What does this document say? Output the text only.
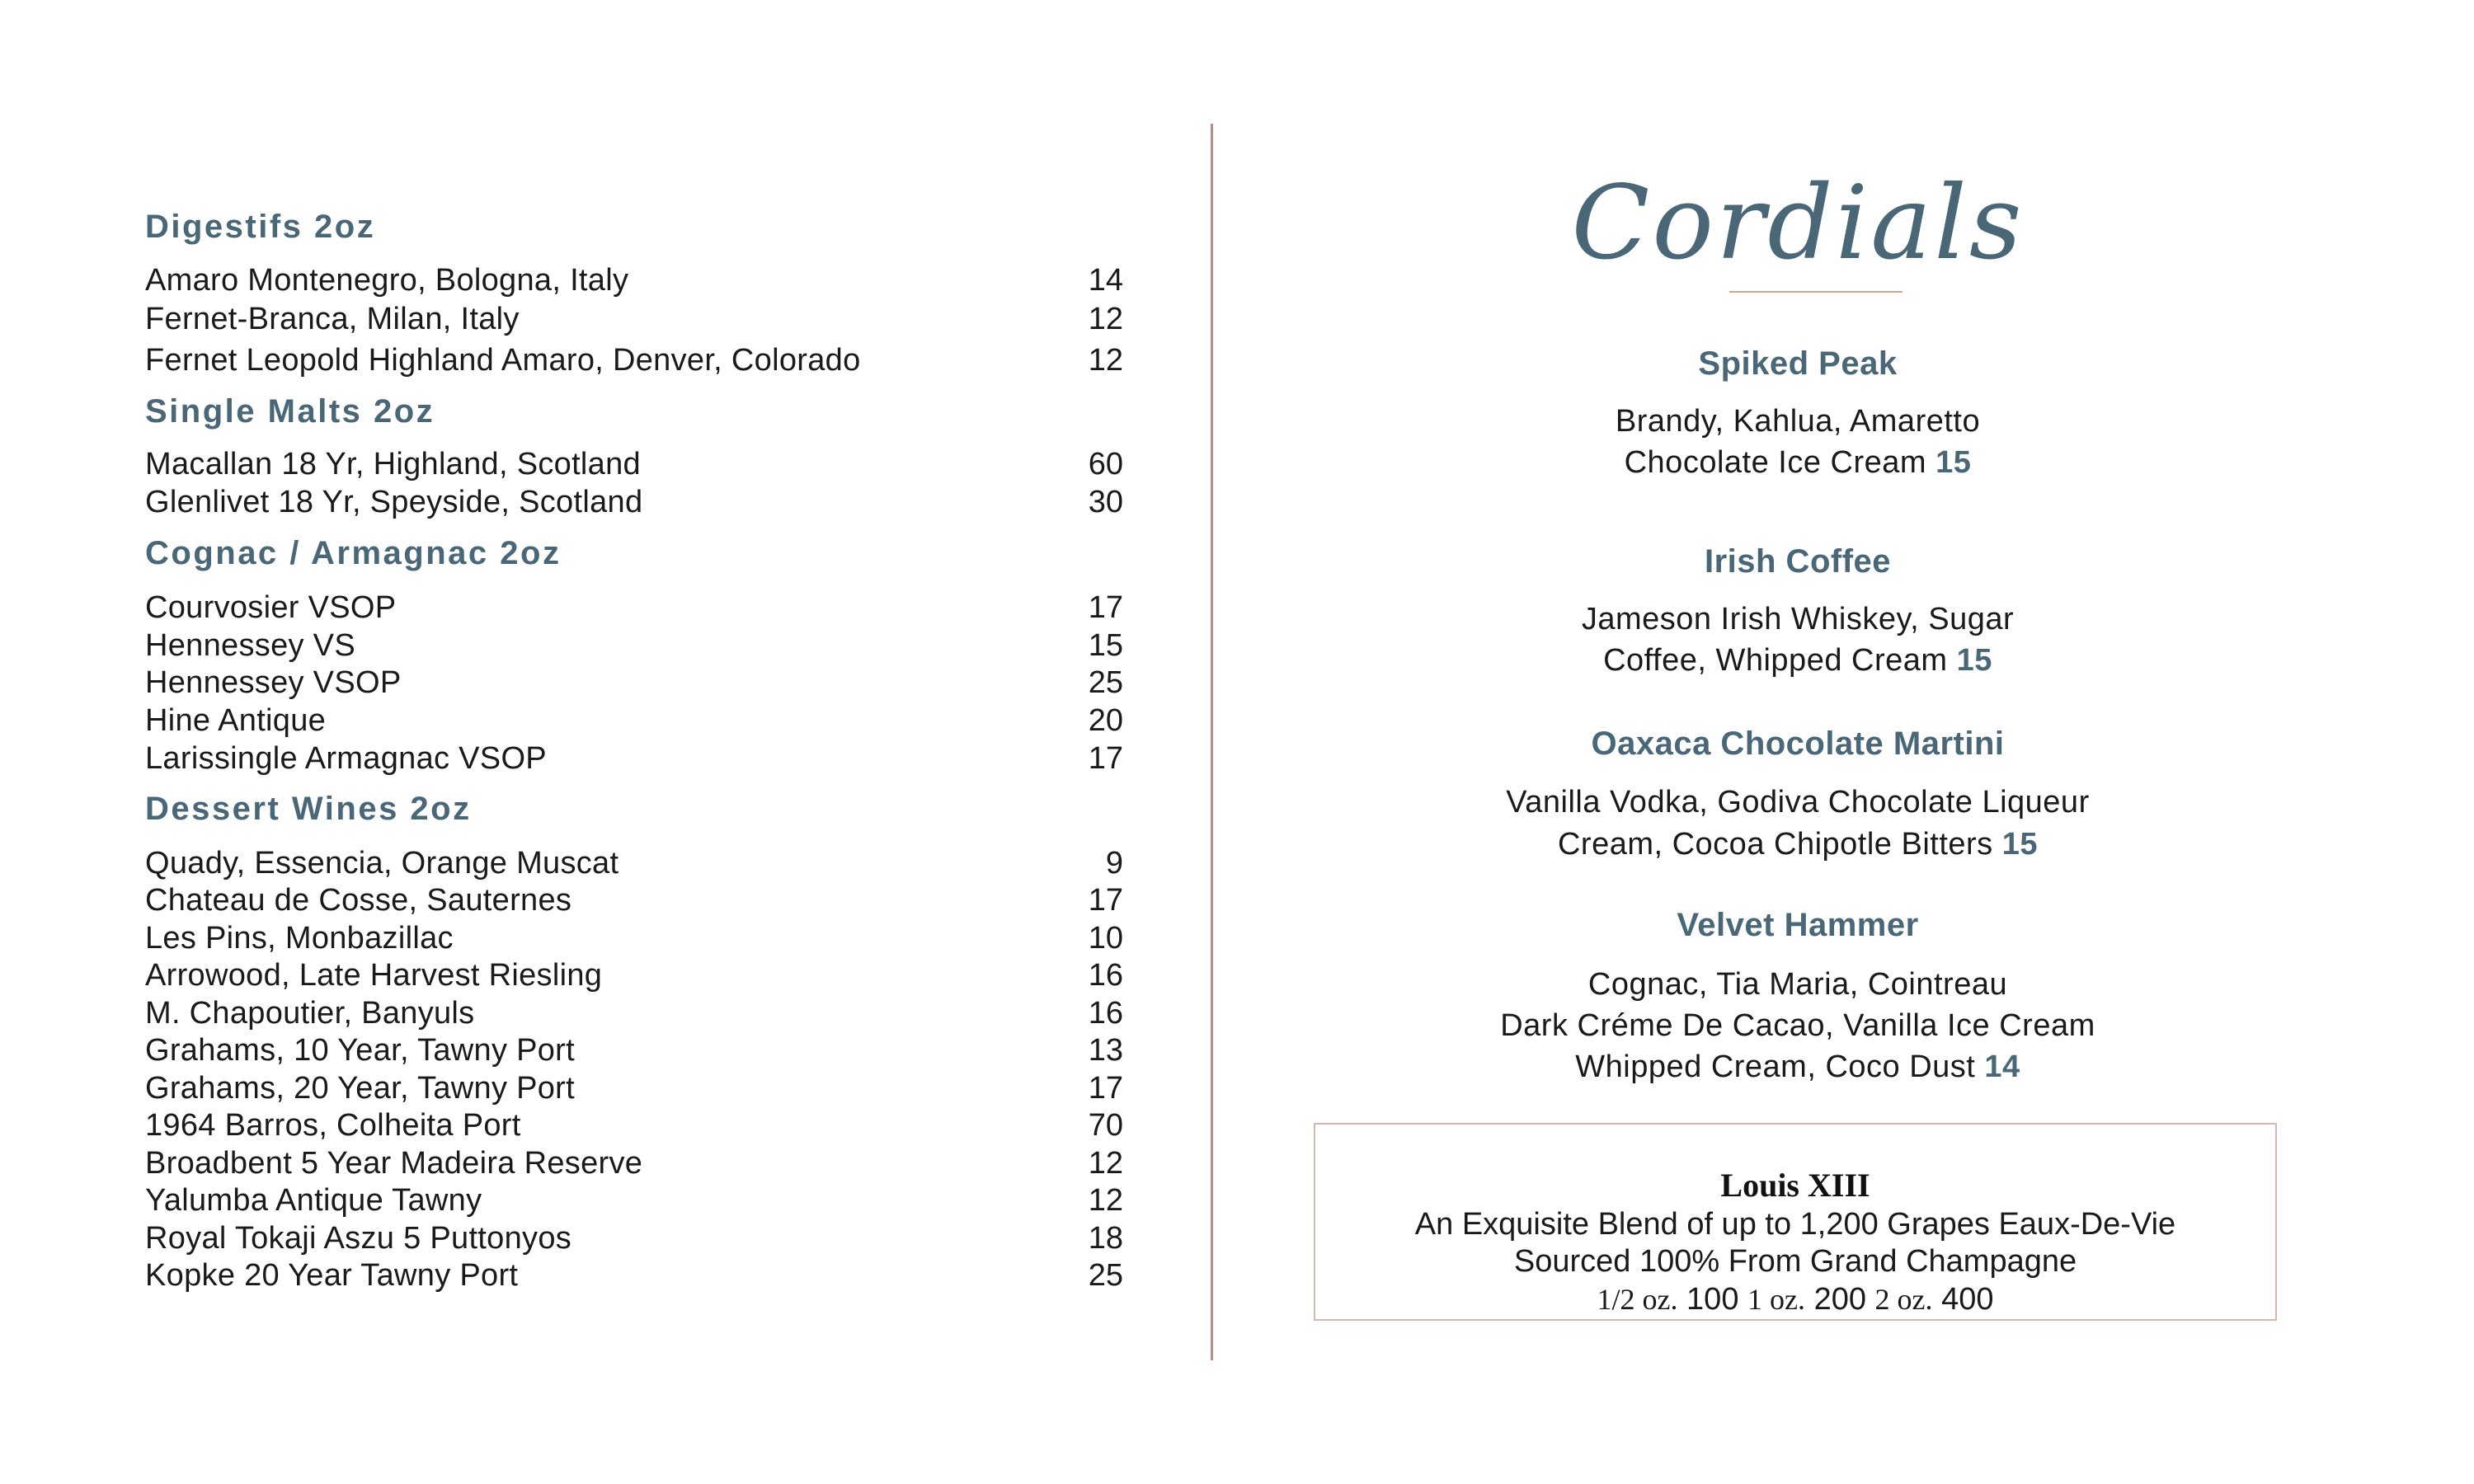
Digestifs 2oz
Amaro Montenegro, Bologna, Italy	14
Fernet-Branca, Milan, Italy	12
Fernet Leopold Highland Amaro, Denver, Colorado	12
Single Malts 2oz
Macallan 18 Yr, Highland, Scotland	60
Glenlivet 18 Yr, Speyside, Scotland	30
Cognac / Armagnac 2oz
Courvosier VSOP	17
Hennessey VS	15
Hennessey VSOP	25
Hine Antique	20
Larissingle Armagnac VSOP	17
Dessert Wines 2oz
Quady, Essencia, Orange Muscat	9
Chateau de Cosse, Sauternes	17
Les Pins, Monbazillac	10
Arrowood, Late Harvest Riesling	16
M. Chapoutier, Banyuls	16
Grahams, 10 Year, Tawny Port	13
Grahams, 20 Year, Tawny Port	17
1964 Barros, Colheita Port	70
Broadbent 5 Year Madeira Reserve	12
Yalumba Antique Tawny	12
Royal Tokaji Aszu 5 Puttonyos	18
Kopke 20 Year Tawny Port	25
Cordials
Spiked Peak
Brandy, Kahlua, Amaretto
Chocolate Ice Cream 15
Irish Coffee
Jameson Irish Whiskey, Sugar
Coffee, Whipped Cream 15
Oaxaca Chocolate Martini
Vanilla Vodka, Godiva Chocolate Liqueur
Cream, Cocoa Chipotle Bitters 15
Velvet Hammer
Cognac, Tia Maria, Cointreau
Dark Créme De Cacao, Vanilla Ice Cream
Whipped Cream, Coco Dust 14
Louis XIII
An Exquisite Blend of up to 1,200 Grapes Eaux-De-Vie
Sourced 100% From Grand Champagne
1/2 oz. 100 1 oz. 200 2 oz. 400
